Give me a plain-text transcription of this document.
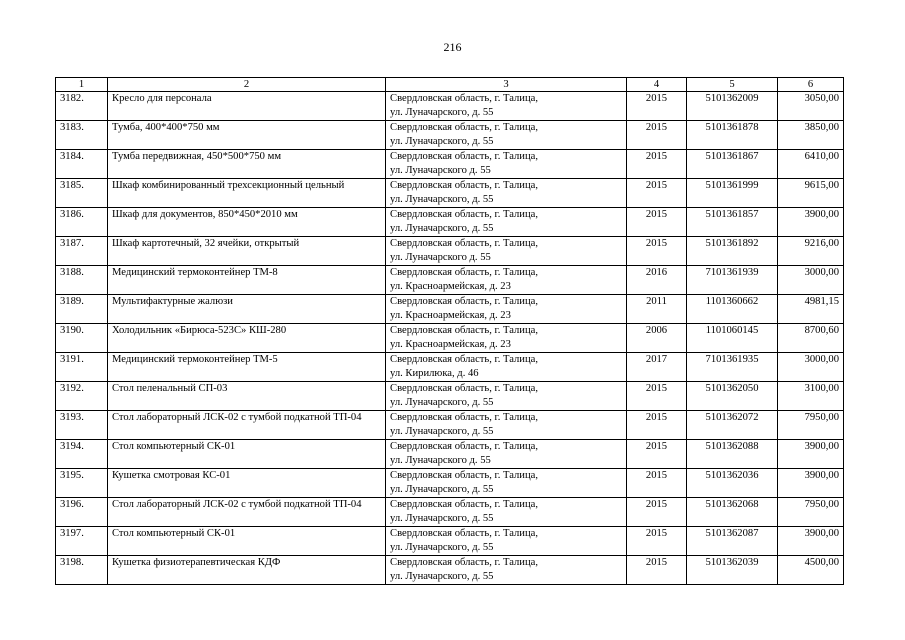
216
1	2	3	4	5	6
3182.	Кресло для персонала	Свердловская область, г. Талица,
ул. Луначарского, д. 55	2015	5101362009	3050,00
3183.	Тумба, 400*400*750 мм	Свердловская область, г. Талица,
ул. Луначарского, д. 55	2015	5101361878	3850,00
3184.	Тумба передвижная, 450*500*750 мм	Свердловская область, г. Талица,
ул. Луначарского д. 55	2015	5101361867	6410,00
3185.	Шкаф комбинированный трехсекционный цельный	Свердловская область, г. Талица,
ул. Луначарского, д. 55	2015	5101361999	9615,00
3186.	Шкаф для документов, 850*450*2010 мм	Свердловская область, г. Талица,
ул. Луначарского, д. 55	2015	5101361857	3900,00
3187.	Шкаф картотечный, 32 ячейки, открытый	Свердловская область, г. Талица,
ул. Луначарского д. 55	2015	5101361892	9216,00
3188.	Медицинский термоконтейнер ТМ-8	Свердловская область, г. Талица,
ул. Красноармейская, д. 23	2016	7101361939	3000,00
3189.	Мультифактурные жалюзи	Свердловская область, г. Талица,
ул. Красноармейская, д. 23	2011	1101360662	4981,15
3190.	Холодильник «Бирюса-523С» КШ-280	Свердловская область, г. Талица,
ул. Красноармейская, д. 23	2006	1101060145	8700,60
3191.	Медицинский термоконтейнер ТМ-5	Свердловская область, г. Талица,
ул. Кирилюка, д. 46	2017	7101361935	3000,00
3192.	Стол пеленальный СП-03	Свердловская область, г. Талица,
ул. Луначарского, д. 55	2015	5101362050	3100,00
3193.	Стол лабораторный ЛСК-02 с тумбой подкатной ТП-04	Свердловская область, г. Талица,
ул. Луначарского, д. 55	2015	5101362072	7950,00
3194.	Стол компьютерный СК-01	Свердловская область, г. Талица,
ул. Луначарского д. 55	2015	5101362088	3900,00
3195.	Кушетка смотровая КС-01	Свердловская область, г. Талица,
ул. Луначарского, д. 55	2015	5101362036	3900,00
3196.	Стол лабораторный ЛСК-02 с тумбой подкатной ТП-04	Свердловская область, г. Талица,
ул. Луначарского, д. 55	2015	5101362068	7950,00
3197.	Стол компьютерный СК-01	Свердловская область, г. Талица,
ул. Луначарского, д. 55	2015	5101362087	3900,00
3198.	Кушетка физиотерапевтическая КДФ	Свердловская область, г. Талица,
ул. Луначарского, д. 55	2015	5101362039	4500,00
